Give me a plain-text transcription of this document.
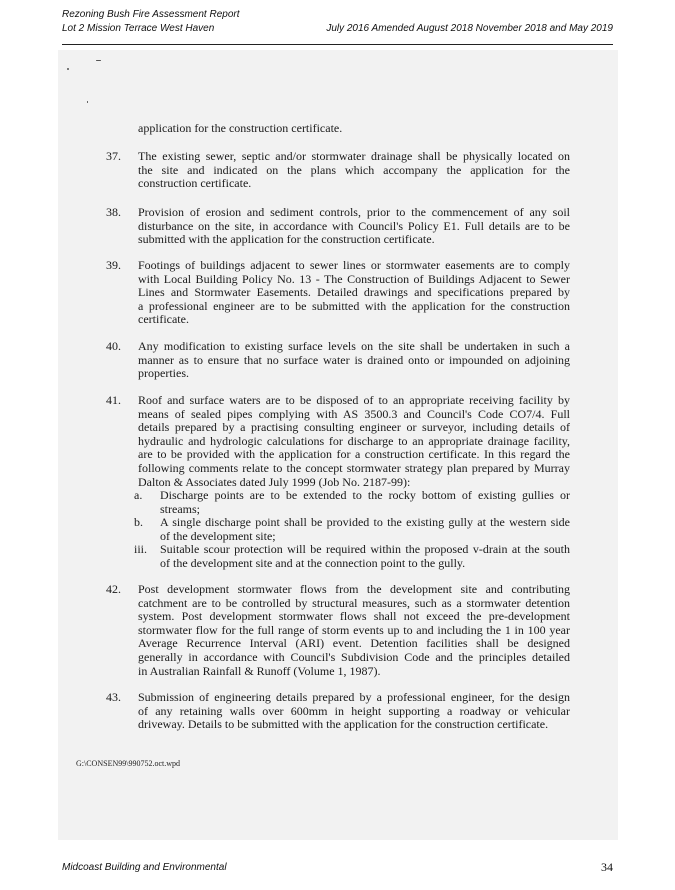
Rezoning Bush Fire Assessment Report
Lot 2 Mission Terrace West Haven	July 2016 Amended August 2018 November 2018 and May 2019
application for the construction certificate.
37. The existing sewer, septic and/or stormwater drainage shall be physically located on
the site and indicated on the plans which accompany the application for the
construction certificate.
38. Provision of erosion and sediment controls, prior to the commencement of any soil
disturbance on the site, in accordance with Council's Policy E1. Full details are to be
submitted with the application for the construction certificate.
39. Footings of buildings adjacent to sewer lines or stormwater easements are to comply
with Local Building Policy No. 13 - The Construction of Buildings Adjacent to Sewer
Lines and Stormwater Easements. Detailed drawings and specifications prepared by
a professional engineer are to be submitted with the application for the construction
certificate.
40. Any modification to existing surface levels on the site shall be undertaken in such a
manner as to ensure that no surface water is drained onto or impounded on adjoining
properties.
41. Roof and surface waters are to be disposed of to an appropriate receiving facility by
means of sealed pipes complying with AS 3500.3 and Council's Code CO7/4. Full
details prepared by a practising consulting engineer or surveyor, including details of
hydraulic and hydrologic calculations for discharge to an appropriate drainage facility,
are to be provided with the application for a construction certificate. In this regard the
following comments relate to the concept stormwater strategy plan prepared by Murray
Dalton & Associates dated July 1999 (Job No. 2187-99):
a. Discharge points are to be extended to the rocky bottom of existing gullies or
streams;
b. A single discharge point shall be provided to the existing gully at the western side
of the development site;
iii. Suitable scour protection will be required within the proposed v-drain at the south
of the development site and at the connection point to the gully.
42. Post development stormwater flows from the development site and contributing
catchment are to be controlled by structural measures, such as a stormwater detention
system. Post development stormwater flows shall not exceed the pre-development
stormwater flow for the full range of storm events up to and including the 1 in 100 year
Average Recurrence Interval (ARI) event. Detention facilities shall be designed
generally in accordance with Council's Subdivision Code and the principles detailed
in Australian Rainfall & Runoff (Volume 1, 1987).
43. Submission of engineering details prepared by a professional engineer, for the design
of any retaining walls over 600mm in height supporting a roadway or vehicular
driveway. Details to be submitted with the application for the construction certificate.
G:\CONSEN99\990752.oct.wpd
Midcoast Building and Environmental	34
